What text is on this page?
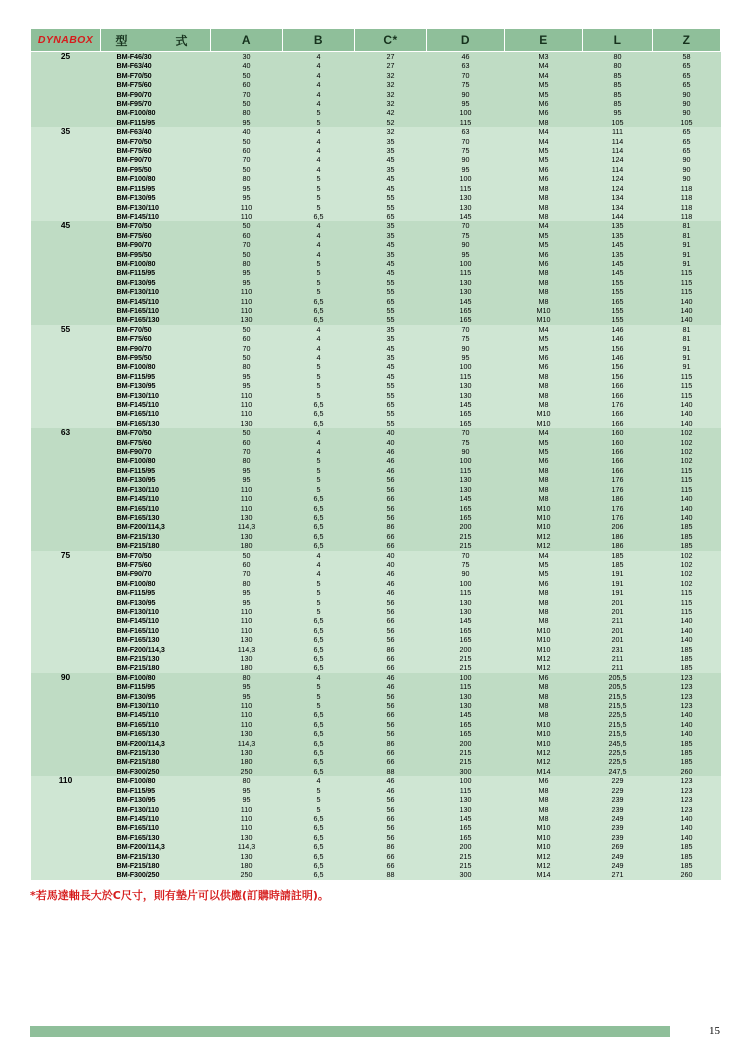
DYNABOX	型　　式	A	B	C*	D	E	L	Z
25	BM-F46/30	30	4	27	46	M3	80	58
	BM-F63/40	40	4	27	63	M4	80	65
	BM-F70/50	50	4	32	70	M4	85	65
	BM-F75/60	60	4	32	75	M5	85	65
	BM-F90/70	70	4	32	90	M5	85	90
	BM-F95/70	50	4	32	95	M6	85	90
	BM-F100/80	80	5	42	100	M6	95	90
	BM-F115/95	95	5	52	115	M8	105	105
35	BM-F63/40	40	4	32	63	M4	111	65
	BM-F70/50	50	4	35	70	M4	114	65
	BM-F75/60	60	4	35	75	M5	114	65
	BM-F90/70	70	4	45	90	M5	124	90
	BM-F95/50	50	4	35	95	M6	114	90
	BM-F100/80	80	5	45	100	M6	124	90
	BM-F115/95	95	5	45	115	M8	124	118
	BM-F130/95	95	5	55	130	M8	134	118
	BM-F130/110	110	5	55	130	M8	134	118
	BM-F145/110	110	6,5	65	145	M8	144	118
45	BM-F70/50	50	4	35	70	M4	135	81
	BM-F75/60	60	4	35	75	M5	135	81
	BM-F90/70	70	4	45	90	M5	145	91
	BM-F95/50	50	4	35	95	M6	135	91
	BM-F100/80	80	5	45	100	M6	145	91
	BM-F115/95	95	5	45	115	M8	145	115
	BM-F130/95	95	5	55	130	M8	155	115
	BM-F130/110	110	5	55	130	M8	155	115
	BM-F145/110	110	6,5	65	145	M8	165	140
	BM-F165/110	110	6,5	55	165	M10	155	140
	BM-F165/130	130	6,5	55	165	M10	155	140
55	BM-F70/50	50	4	35	70	M4	146	81
	BM-F75/60	60	4	35	75	M5	146	81
	BM-F90/70	70	4	45	90	M5	156	91
	BM-F95/50	50	4	35	95	M6	146	91
	BM-F100/80	80	5	45	100	M6	156	91
	BM-F115/95	95	5	45	115	M8	156	115
	BM-F130/95	95	5	55	130	M8	166	115
	BM-F130/110	110	5	55	130	M8	166	115
	BM-F145/110	110	6,5	65	145	M8	176	140
	BM-F165/110	110	6,5	55	165	M10	166	140
	BM-F165/130	130	6,5	55	165	M10	166	140
63	BM-F70/50	50	4	40	70	M4	160	102
	BM-F75/60	60	4	40	75	M5	160	102
	BM-F90/70	70	4	46	90	M5	166	102
	BM-F100/80	80	5	46	100	M6	166	102
	BM-F115/95	95	5	46	115	M8	166	115
	BM-F130/95	95	5	56	130	M8	176	115
	BM-F130/110	110	5	56	130	M8	176	115
	BM-F145/110	110	6,5	66	145	M8	186	140
	BM-F165/110	110	6,5	56	165	M10	176	140
	BM-F165/130	130	6,5	56	165	M10	176	140
	BM-F200/114,3	114,3	6,5	86	200	M10	206	185
	BM-F215/130	130	6,5	66	215	M12	186	185
	BM-F215/180	180	6,5	66	215	M12	186	185
75	BM-F70/50	50	4	40	70	M4	185	102
	BM-F75/60	60	4	40	75	M5	185	102
	BM-F90/70	70	4	46	90	M5	191	102
	BM-F100/80	80	5	46	100	M6	191	102
	BM-F115/95	95	5	46	115	M8	191	115
	BM-F130/95	95	5	56	130	M8	201	115
	BM-F130/110	110	5	56	130	M8	201	115
	BM-F145/110	110	6,5	66	145	M8	211	140
	BM-F165/110	110	6,5	56	165	M10	201	140
	BM-F165/130	130	6,5	56	165	M10	201	140
	BM-F200/114,3	114,3	6,5	86	200	M10	231	185
	BM-F215/130	130	6,5	66	215	M12	211	185
	BM-F215/180	180	6,5	66	215	M12	211	185
90	BM-F100/80	80	4	46	100	M6	205,5	123
	BM-F115/95	95	5	46	115	M8	205,5	123
	BM-F130/95	95	5	56	130	M8	215,5	123
	BM-F130/110	110	5	56	130	M8	215,5	123
	BM-F145/110	110	6,5	66	145	M8	225,5	140
	BM-F165/110	110	6,5	56	165	M10	215,5	140
	BM-F165/130	130	6,5	56	165	M10	215,5	140
	BM-F200/114,3	114,3	6,5	86	200	M10	245,5	185
	BM-F215/130	130	6,5	66	215	M12	225,5	185
	BM-F215/180	180	6,5	66	215	M12	225,5	185
	BM-F300/250	250	6,5	88	300	M14	247,5	260
110	BM-F100/80	80	4	46	100	M6	229	123
	BM-F115/95	95	5	46	115	M8	229	123
	BM-F130/95	95	5	56	130	M8	239	123
	BM-F130/110	110	5	56	130	M8	239	123
	BM-F145/110	110	6,5	66	145	M8	249	140
	BM-F165/110	110	6,5	56	165	M10	239	140
	BM-F165/130	130	6,5	56	165	M10	239	140
	BM-F200/114,3	114,3	6,5	86	200	M10	269	185
	BM-F215/130	130	6,5	66	215	M12	249	185
	BM-F215/180	180	6,5	66	215	M12	249	185
	BM-F300/250	250	6,5	88	300	M14	271	260
*若馬達軸長大於C尺寸，則有墊片可以供應(訂購時請註明)。
15
